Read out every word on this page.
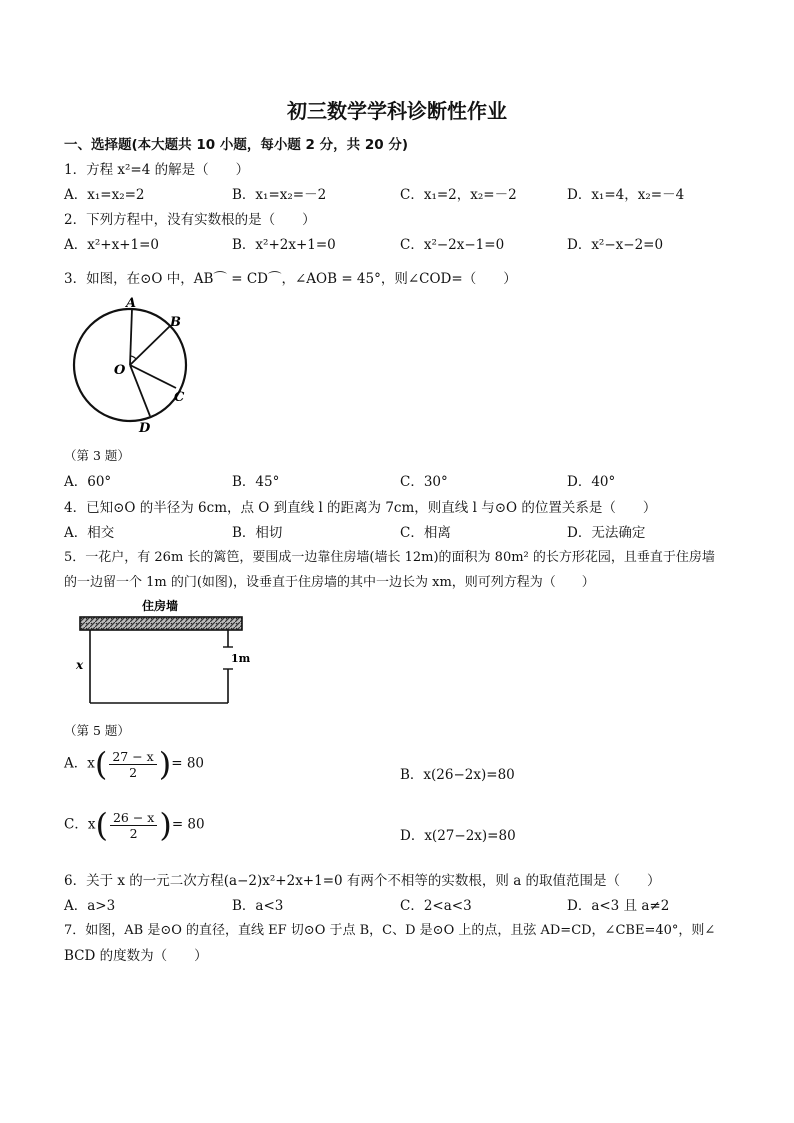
初三数学学科诊断性作业
一、选择题(本大题共 10 小题，每小题 2 分，共 20 分)
1．方程 x²=4 的解是（　　）
A．x₁=x₂=2	B．x₁=x₂=－2	C．x₁=2，x₂=－2	D．x₁=4，x₂=－4
2．下列方程中，没有实数根的是（　　）
A．x²+x+1=0	B．x²+2x+1=0	C．x²−2x−1=0	D．x²−x−2=0
3．如图，在⊙O 中，AB⌒ = CD⌒，∠AOB = 45°，则∠COD=（　　）
A
B
O
C
D
（第 3 题）
A．60°	B．45°	C．30°	D．40°
4．已知⊙O 的半径为 6cm，点 O 到直线 l 的距离为 7cm，则直线 l 与⊙O 的位置关系是（　　）
A．相交	B．相切	C．相离	D．无法确定
5．一花户，有 26m 长的篱笆，要围成一边靠住房墙(墙长 12m)的面积为 80m² 的长方形花园，且垂直于住房墙
的一边留一个 1m 的门(如图)，设垂直于住房墙的其中一边长为 xm，则可列方程为（　　）
住房墙
x	1m
（第 5 题）
A．$x( \frac{27 - x}{2}$ )= 80
B．x(26−2x)=80
C．$x( \frac{26 - x}{2}$ )= 80
D．x(27−2x)=80
6．关于 x 的一元二次方程(a−2)x²+2x+1=0 有两个不相等的实数根，则 a 的取值范围是（　　）
A．a>3	B．a<3	C．2<a<3	D．a<3 且 a≠2
7．如图，AB 是⊙O 的直径，直线 EF 切⊙O 于点 B，C、D 是⊙O 上的点，且弦 AD=CD，∠CBE=40°，则∠
BCD 的度数为（　　）
